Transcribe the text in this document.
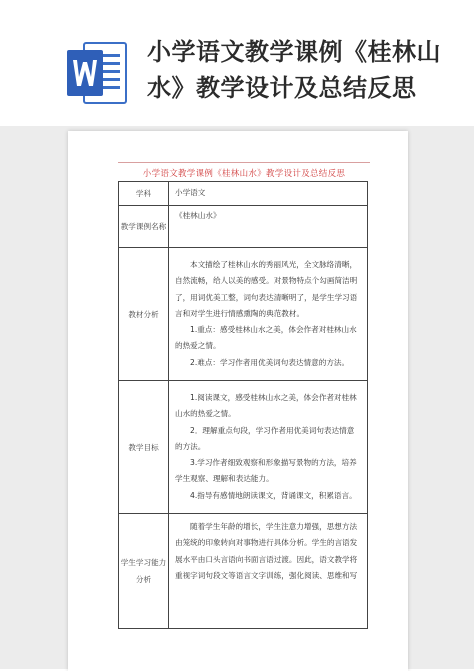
小学语文教学课例《桂林山水》教学设计及总结反思
小学语文教学课例《桂林山水》教学设计及总结反思
学科	小学语文
教学课例名称	《桂林山水》
教材分析	本文描绘了桂林山水的秀丽风光，全文脉络清晰，自然流畅，给人以美的感受。对景物特点个勾画简洁明了，用词优美工整，词句表达清晰明了，是学生学习语言和对学生进行情感熏陶的典范教材。

1.重点：感受桂林山水之美，体会作者对桂林山水的热爱之情。

2.难点：学习作者用优美词句表达情意的方法。

教学目标	1.阅读课文，感受桂林山水之美，体会作者对桂林山水的热爱之情。

2．理解重点句段，学习作者用优美词句表达情意的方法。

3.学习作者细致观察和形象描写景物的方法，培养学生观察、理解和表达能力。

4.指导有感情地朗读课文，背诵课文，积累语言。

学生学习能力分析	随着学生年龄的增长，学生注意力增强，思想方法由笼统的印象转向对事物进行具体分析。学生的言语发展水平由口头言语向书面言语过渡。因此，语文教学将重视字词句段文等语言文字训练，强化阅读、思维和写
